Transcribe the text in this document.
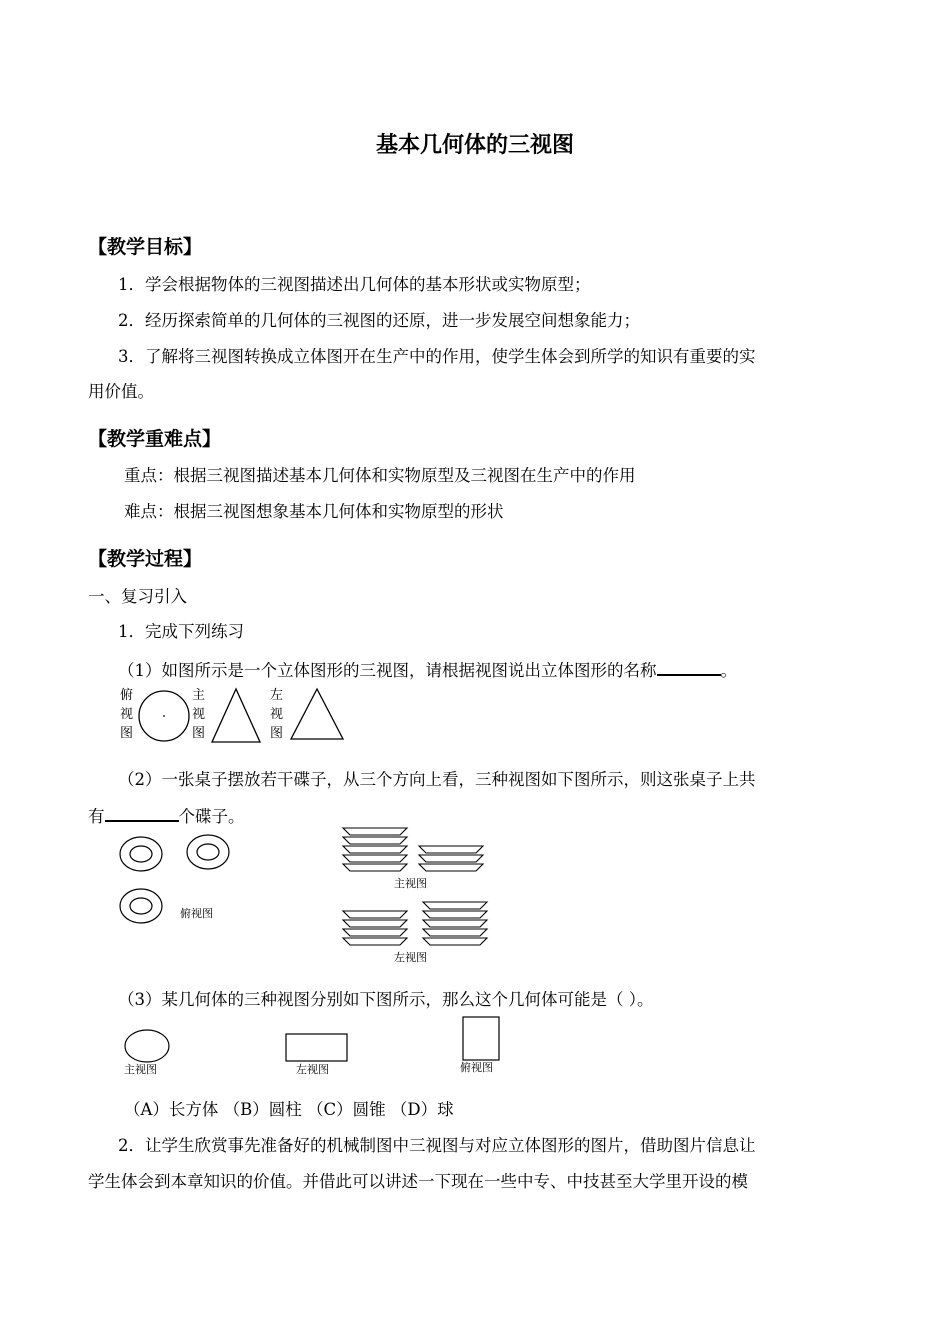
基本几何体的三视图
【教学目标】
1．学会根据物体的三视图描述出几何体的基本形状或实物原型；
2．经历探索简单的几何体的三视图的还原，进一步发展空间想象能力；
3．了解将三视图转换成立体图开在生产中的作用，使学生体会到所学的知识有重要的实
用价值。
【教学重难点】
重点：根据三视图描述基本几何体和实物原型及三视图在生产中的作用
难点：根据三视图想象基本几何体和实物原型的形状
【教学过程】
一、复习引入
1．完成下列练习
（1）如图所示是一个立体图形的三视图，请根据视图说出立体图形的名称	。
俯
视
图
主
视
图
左
视
图
（2）一张桌子摆放若干碟子，从三个方向上看，三种视图如下图所示，则这张桌子上共
有	个碟子。
俯视图
主视图
左视图
（3）某几何体的三种视图分别如下图所示，那么这个几何体可能是（ ）。
主视图	左视图	俯视图
（A）长方体 （B）圆柱 （C）圆锥 （D）球
2．让学生欣赏事先准备好的机械制图中三视图与对应立体图形的图片，借助图片信息让
学生体会到本章知识的价值。并借此可以讲述一下现在一些中专、中技甚至大学里开设的模
